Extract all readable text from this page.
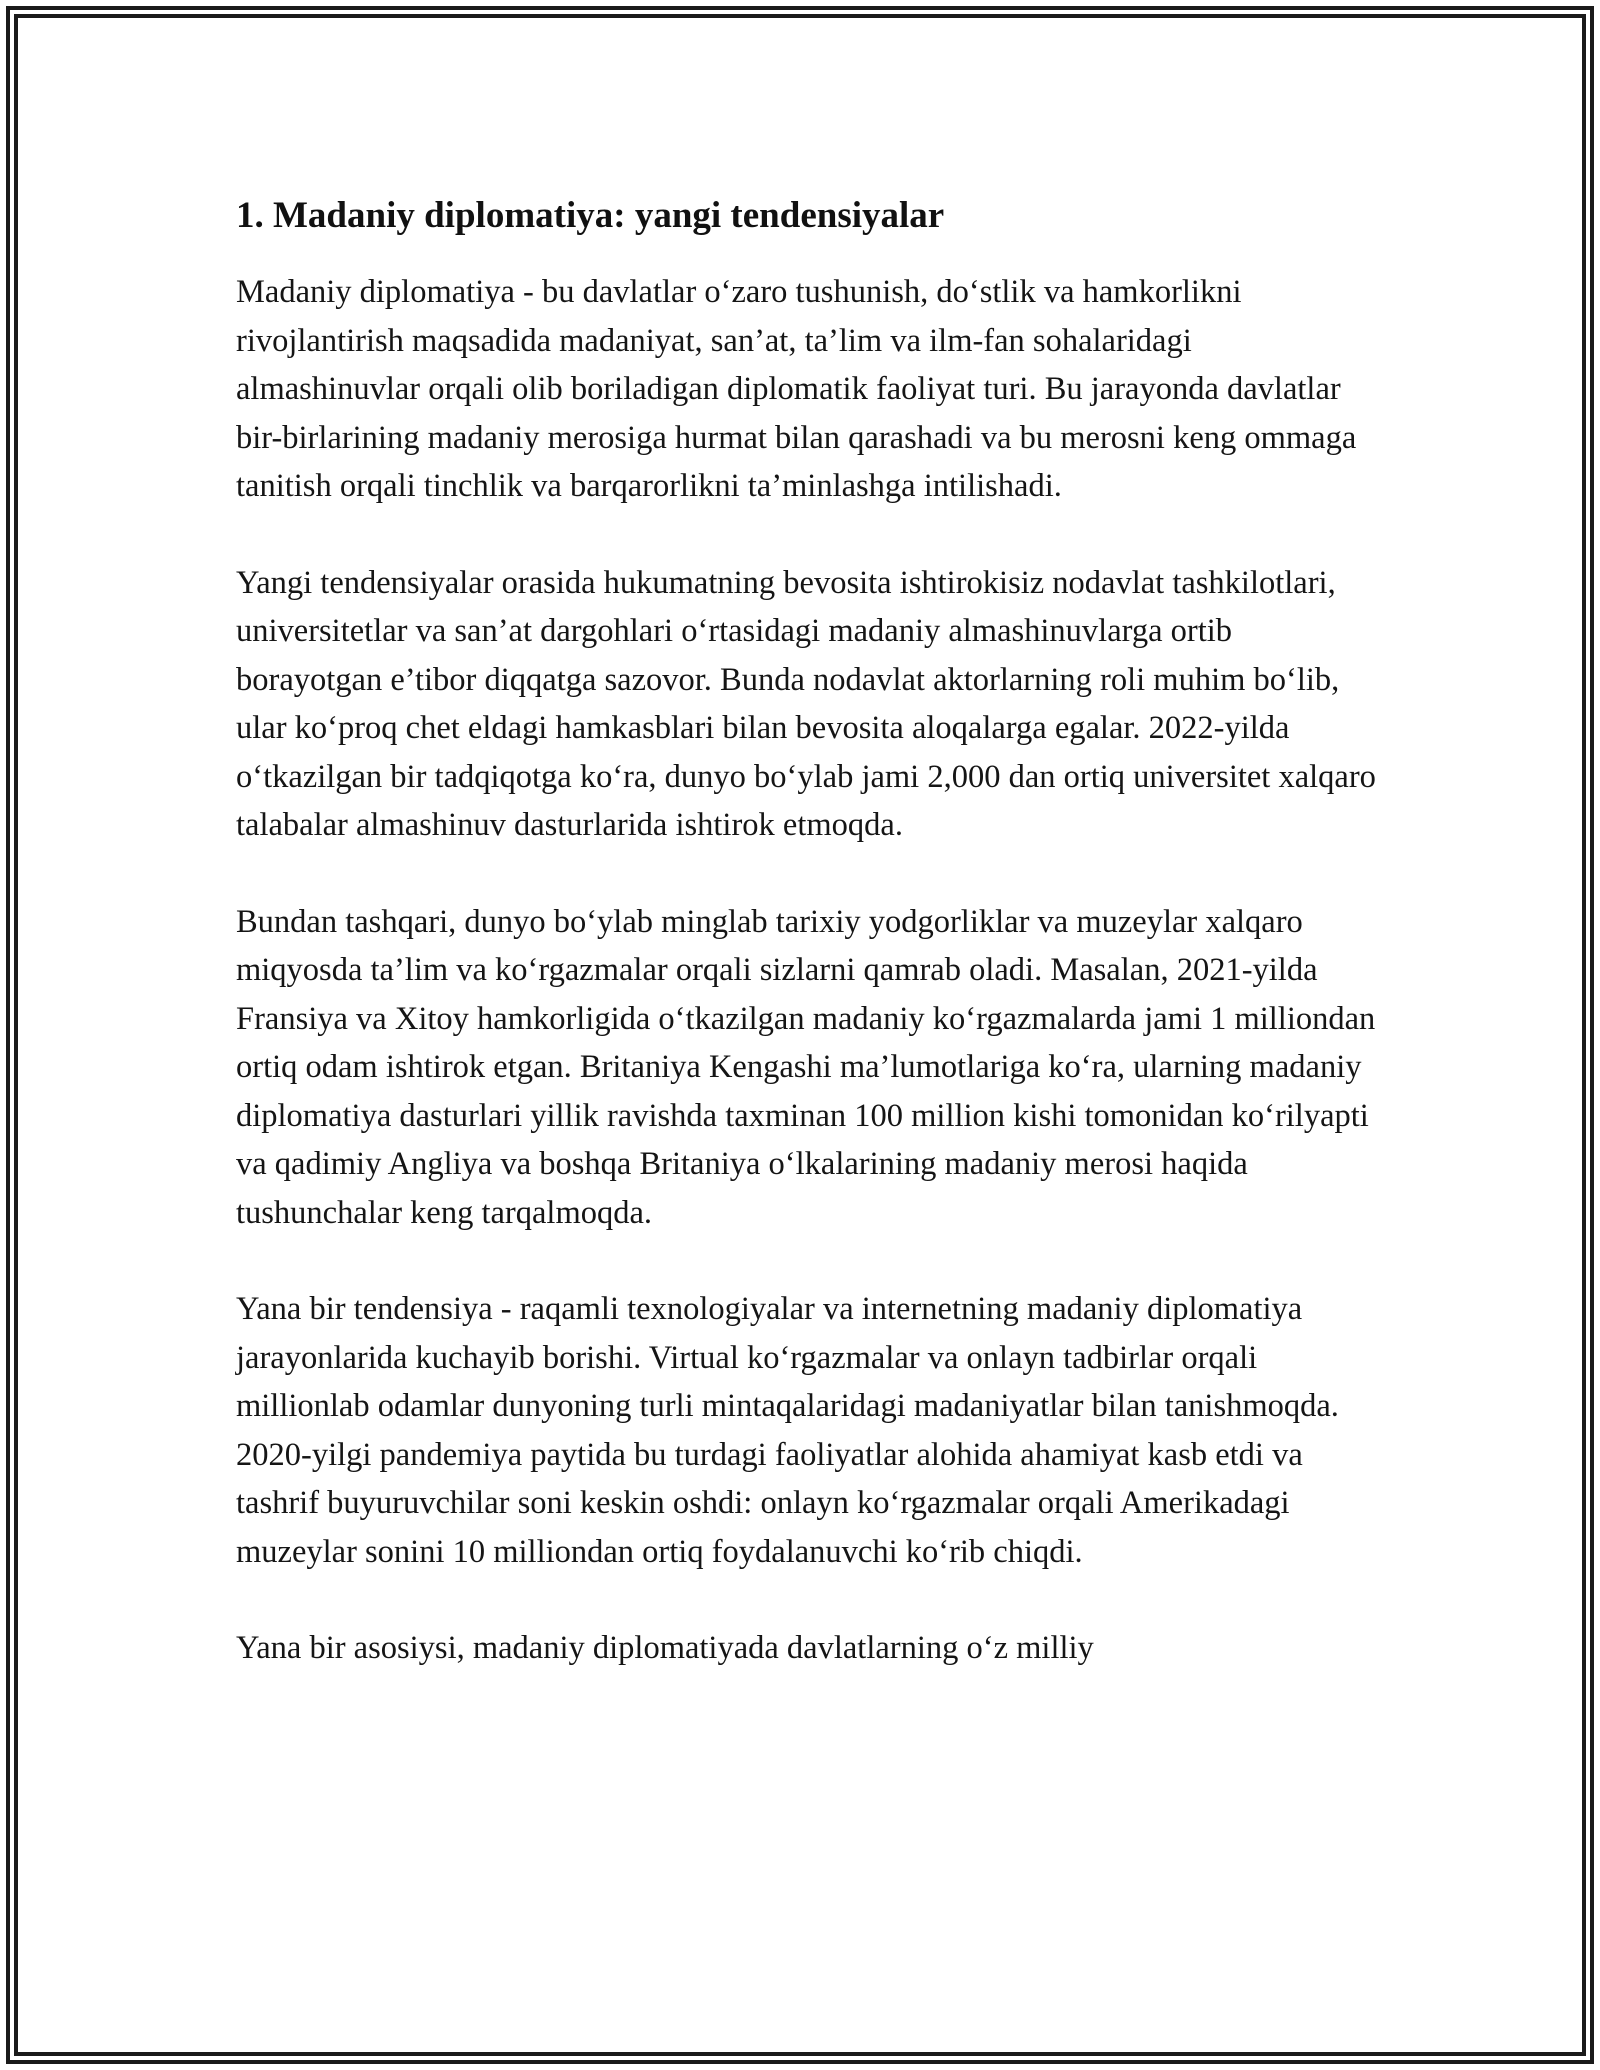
1. Madaniy diplomatiya: yangi tendensiyalar

Madaniy diplomatiya - bu davlatlar o‘zaro tushunish, do‘stlik va hamkorlikni rivojlantirish maqsadida madaniyat, san’at, ta’lim va ilm-fan sohalaridagi almashinuvlar orqali olib boriladigan diplomatik faoliyat turi. Bu jarayonda davlatlar bir-birlarining madaniy merosiga hurmat bilan qarashadi va bu merosni keng ommaga tanitish orqali tinchlik va barqarorlikni ta’minlashga intilishadi.

Yangi tendensiyalar orasida hukumatning bevosita ishtirokisiz nodavlat tashkilotlari, universitetlar va san’at dargohlari o‘rtasidagi madaniy almashinuvlarga ortib borayotgan e’tibor diqqatga sazovor. Bunda nodavlat aktorlarning roli muhim bo‘lib, ular ko‘proq chet eldagi hamkasblari bilan bevosita aloqalarga egalar. 2022-yilda o‘tkazilgan bir tadqiqotga ko‘ra, dunyo bo‘ylab jami 2,000 dan ortiq universitet xalqaro talabalar almashinuv dasturlarida ishtirok etmoqda.

Bundan tashqari, dunyo bo‘ylab minglab tarixiy yodgorliklar va muzeylar xalqaro miqyosda ta’lim va ko‘rgazmalar orqali sizlarni qamrab oladi. Masalan, 2021-yilda Fransiya va Xitoy hamkorligida o‘tkazilgan madaniy ko‘rgazmalarda jami 1 milliondan ortiq odam ishtirok etgan. Britaniya Kengashi ma’lumotlariga ko‘ra, ularning madaniy diplomatiya dasturlari yillik ravishda taxminan 100 million kishi tomonidan ko‘rilyapti va qadimiy Angliya va boshqa Britaniya o‘lkalarining madaniy merosi haqida tushunchalar keng tarqalmoqda.

Yana bir tendensiya - raqamli texnologiyalar va internetning madaniy diplomatiya jarayonlarida kuchayib borishi. Virtual ko‘rgazmalar va onlayn tadbirlar orqali millionlab odamlar dunyoning turli mintaqalaridagi madaniyatlar bilan tanishmoqda. 2020-yilgi pandemiya paytida bu turdagi faoliyatlar alohida ahamiyat kasb etdi va tashrif buyuruvchilar soni keskin oshdi: onlayn ko‘rgazmalar orqali Amerikadagi muzeylar sonini 10 milliondan ortiq foydalanuvchi ko‘rib chiqdi.

Yana bir asosiysi, madaniy diplomatiyada davlatlarning o‘z milliy
